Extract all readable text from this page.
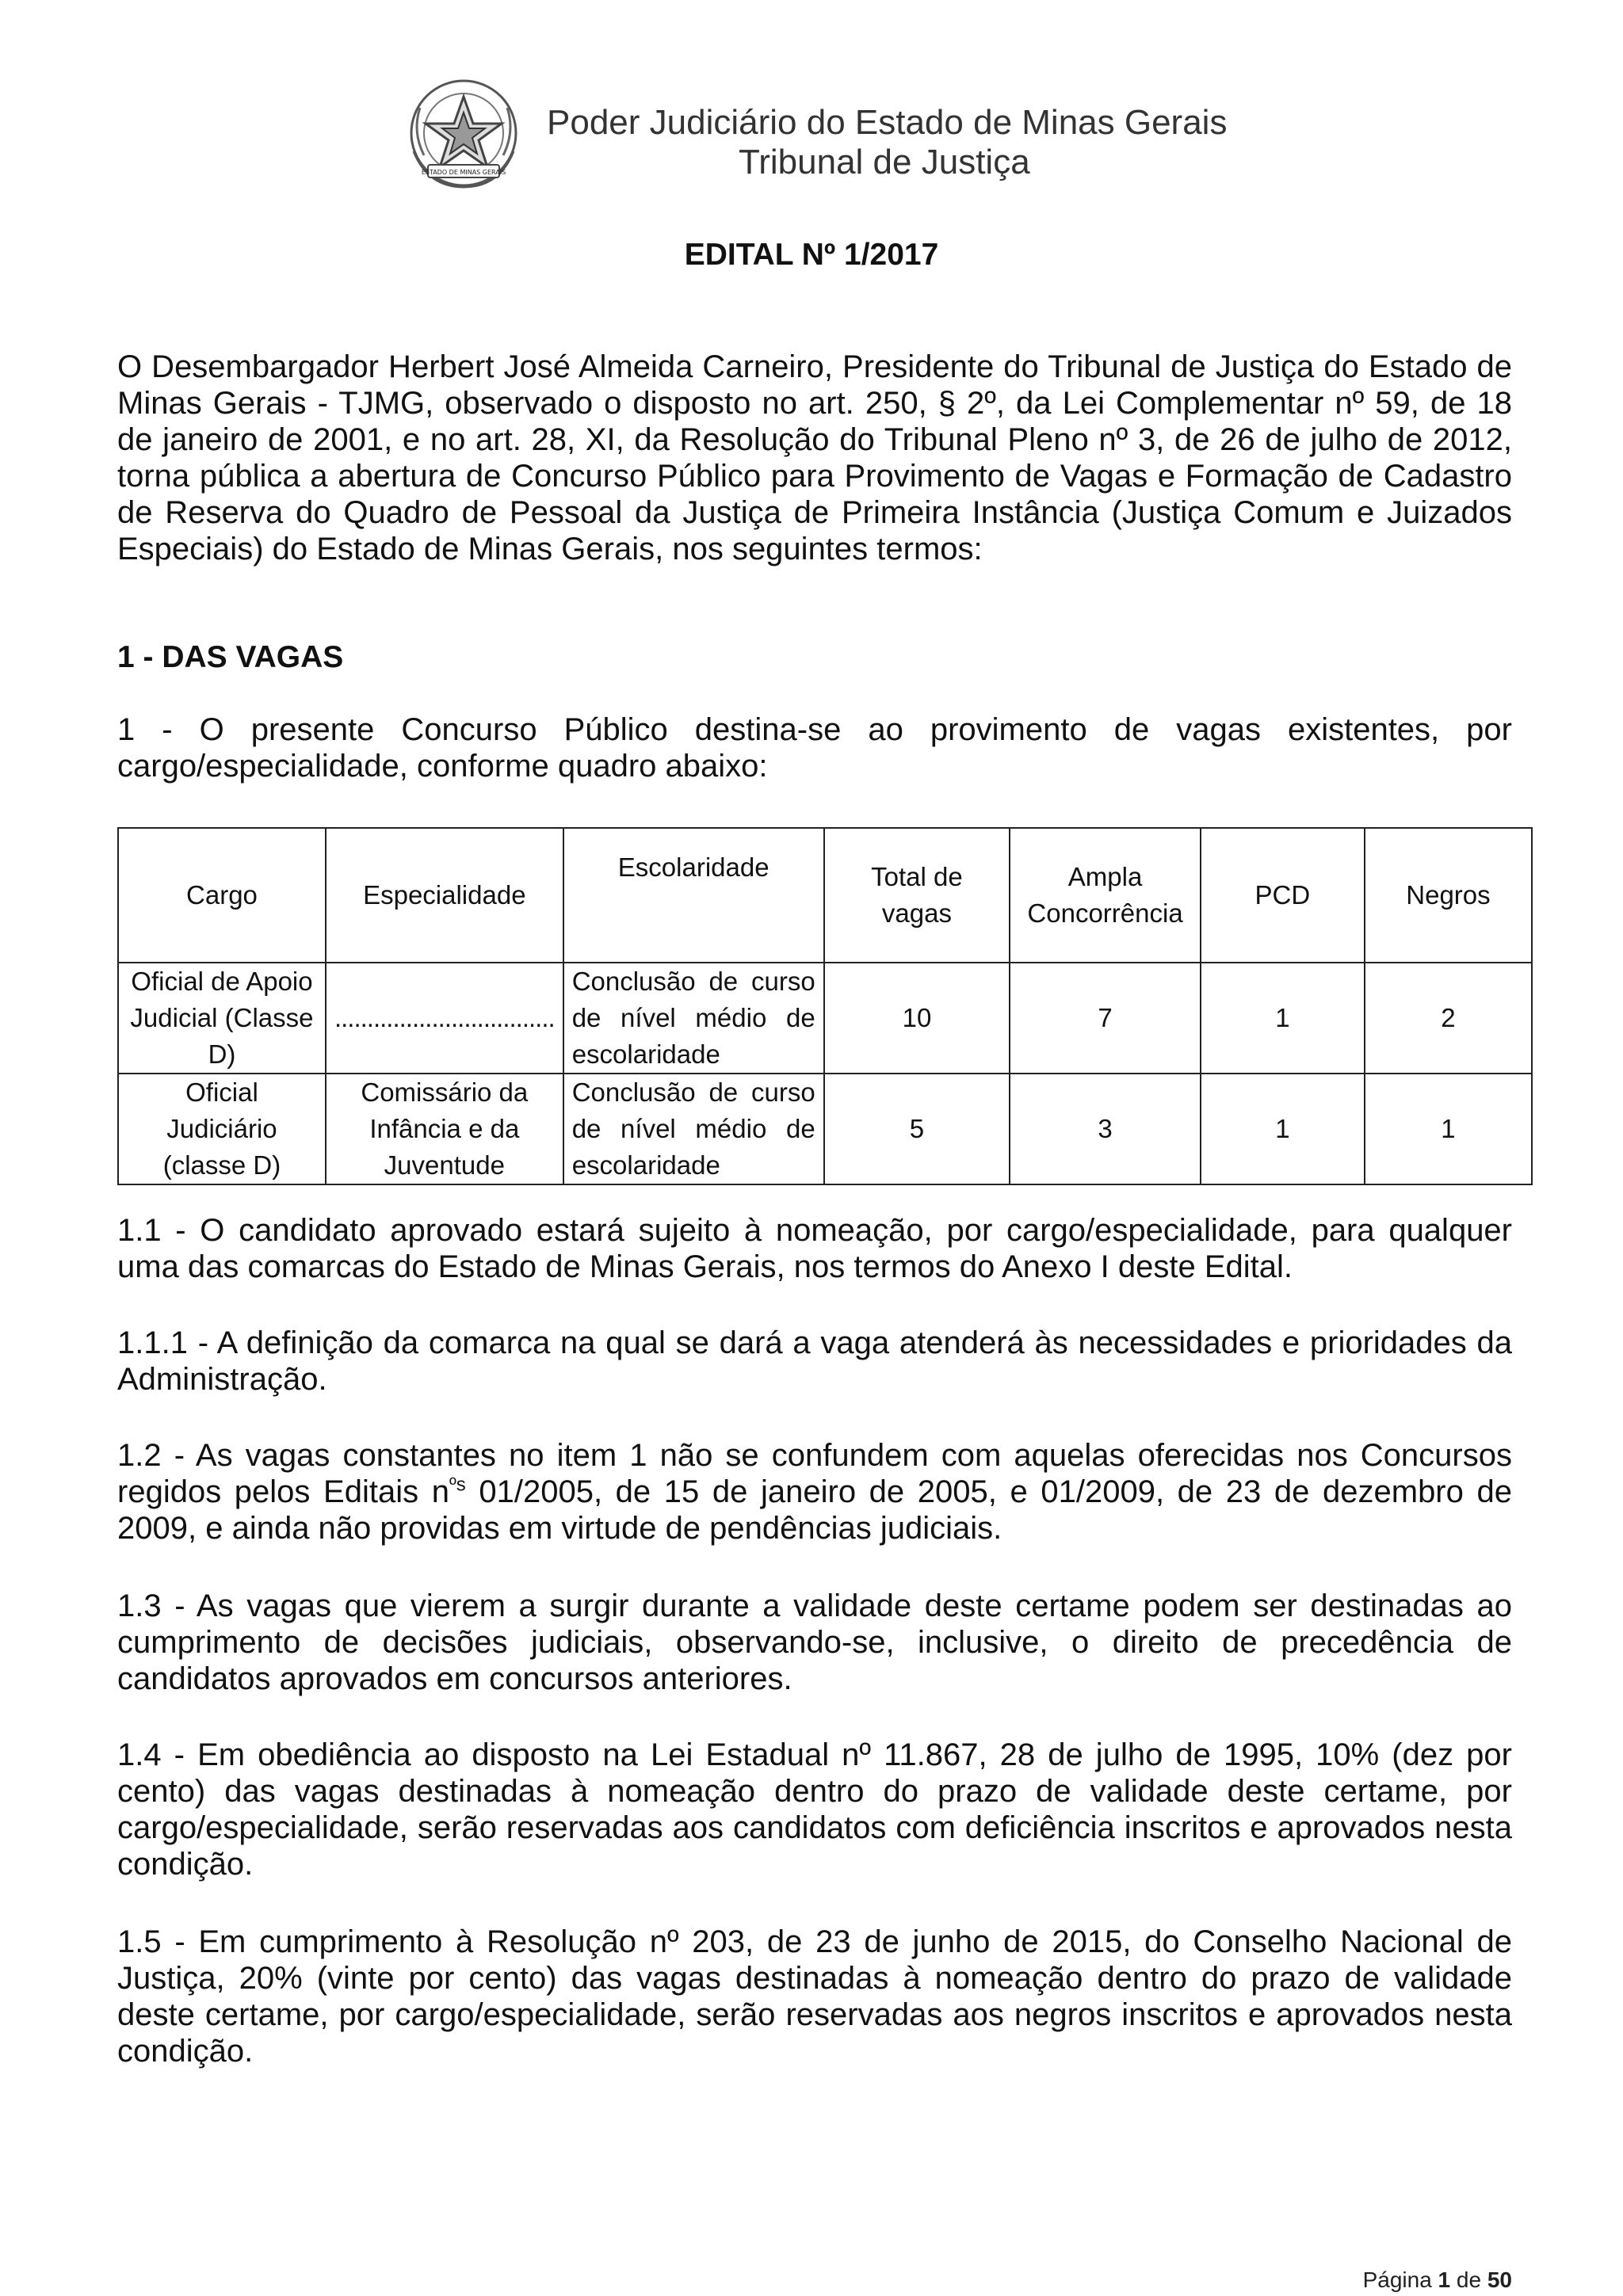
ESTADO DE MINAS GERAIS
Poder Judiciário do Estado de Minas Gerais
Tribunal de Justiça
EDITAL Nº 1/2017
O Desembargador Herbert José Almeida Carneiro, Presidente do Tribunal de Justiça do Estado de Minas Gerais - TJMG, observado o disposto no art. 250, § 2º, da Lei Complementar nº 59, de 18 de janeiro de 2001, e no art. 28, XI, da Resolução do Tribunal Pleno nº 3, de 26 de julho de 2012, torna pública a abertura de Concurso Público para Provimento de Vagas e Formação de Cadastro de Reserva do Quadro de Pessoal da Justiça de Primeira Instância (Justiça Comum e Juizados Especiais) do Estado de Minas Gerais, nos seguintes termos:
1 - DAS VAGAS
1 - O presente Concurso Público destina-se ao provimento de vagas existentes, por cargo/especialidade, conforme quadro abaixo:
Cargo	Especialidade	Escolaridade	Total de vagas	Ampla Concorrência	PCD	Negros
Oficial de Apoio Judicial (Classe D)	..................................	Conclusão de curso de nível médio de escolaridade	10	7	1	2
Oficial Judiciário (classe D)	Comissário da Infância e da Juventude	Conclusão de curso de nível médio de escolaridade	5	3	1	1
1.1 - O candidato aprovado estará sujeito à nomeação, por cargo/especialidade, para qualquer uma das comarcas do Estado de Minas Gerais, nos termos do Anexo I deste Edital.
1.1.1 - A definição da comarca na qual se dará a vaga atenderá às necessidades e prioridades da Administração.
1.2 - As vagas constantes no item 1 não se confundem com aquelas oferecidas nos Concursos regidos pelos Editais $n^{ºs}$ 01/2005, de 15 de janeiro de 2005, e 01/2009, de 23 de dezembro de 2009, e ainda não providas em virtude de pendências judiciais.
1.3 - As vagas que vierem a surgir durante a validade deste certame podem ser destinadas ao cumprimento de decisões judiciais, observando-se, inclusive, o direito de precedência de candidatos aprovados em concursos anteriores.
1.4 - Em obediência ao disposto na Lei Estadual nº 11.867, 28 de julho de 1995, 10% (dez por cento) das vagas destinadas à nomeação dentro do prazo de validade deste certame, por cargo/especialidade, serão reservadas aos candidatos com deficiência inscritos e aprovados nesta condição.
1.5 - Em cumprimento à Resolução nº 203, de 23 de junho de 2015, do Conselho Nacional de Justiça, 20% (vinte por cento) das vagas destinadas à nomeação dentro do prazo de validade deste certame, por cargo/especialidade, serão reservadas aos negros inscritos e aprovados nesta condição.
Página 1 de 50
